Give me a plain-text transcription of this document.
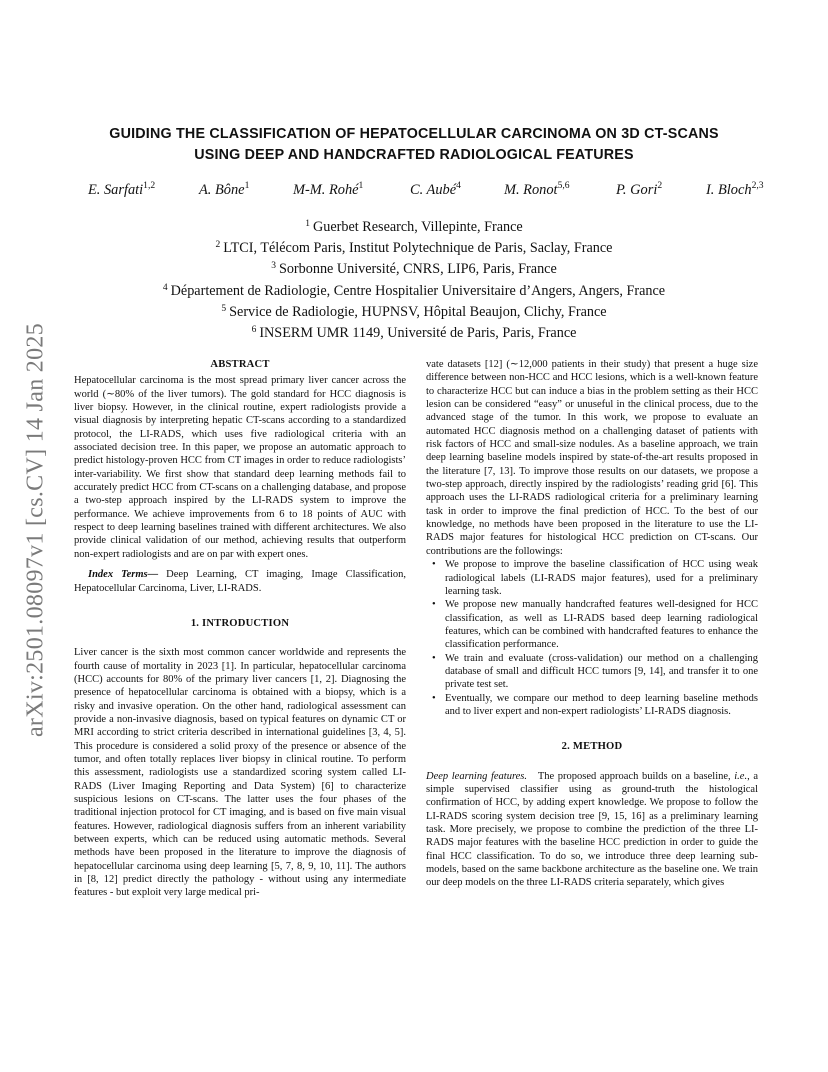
arXiv:2501.08097v1 [cs.CV] 14 Jan 2025
GUIDING THE CLASSIFICATION OF HEPATOCELLULAR CARCINOMA ON 3D CT-SCANS
USING DEEP AND HANDCRAFTED RADIOLOGICAL FEATURES
E. Sarfati$^{1,2}$	A. Bône$^1$	M-M. Rohé$^1$	C. Aubé$^4$	M. Ronot$^{5,6}$	P. Gori$^2$	I. Bloch$^{2,3}$
$^1$ Guerbet Research, Villepinte, France
$^2$ LTCI, Télécom Paris, Institut Polytechnique de Paris, Saclay, France
$^3$ Sorbonne Université, CNRS, LIP6, Paris, France
$^4$ Département de Radiologie, Centre Hospitalier Universitaire d’Angers, Angers, France
$^5$ Service de Radiologie, HUPNSV, Hôpital Beaujon, Clichy, France
$^6$ INSERM UMR 1149, Université de Paris, Paris, France
ABSTRACT

Hepatocellular carcinoma is the most spread primary liver cancer across the world (∼80% of the liver tumors). The gold standard for HCC diagnosis is liver biopsy. However, in the clinical routine, expert radiologists provide a visual diagnosis by interpreting hepatic CT-scans according to a standardized protocol, the LI-RADS, which uses five radiological criteria with an associated decision tree. In this paper, we propose an automatic approach to predict histology-proven HCC from CT images in order to reduce radiologists’ inter-variability. We first show that standard deep learning methods fail to accurately predict HCC from CT-scans on a challenging database, and propose a two-step approach inspired by the LI-RADS system to improve the performance. We achieve improvements from 6 to 18 points of AUC with respect to deep learning baselines trained with different architectures. We also provide clinical validation of our method, achieving results that outperform non-expert radiologists and are on par with expert ones.

Index Terms— Deep Learning, CT imaging, Image Classification, Hepatocellular Carcinoma, Liver, LI-RADS.

1. INTRODUCTION

Liver cancer is the sixth most common cancer worldwide and represents the fourth cause of mortality in 2023 [1]. In particular, hepatocellular carcinoma (HCC) accounts for 80% of the primary liver cancers [1, 2]. Diagnosing the presence of hepatocellular carcinoma is obtained with a biopsy, which is a risky and invasive operation. On the other hand, radiological assessment can provide a non-invasive diagnosis, based on typical features on dynamic CT or MRI according to strict criteria described in international guidelines [3, 4, 5]. This procedure is considered a solid proxy of the presence or absence of the tumor, and often totally replaces liver biopsy in clinical routine. To perform this assessment, radiologists use a standardized scoring system called LI-RADS (Liver Imaging Reporting and Data System) [6] to characterize suspicious lesions on CT-scans. The latter uses the four phases of the traditional injection protocol for CT imaging, and is based on five main visual features. However, radiological diagnosis suffers from an inherent variability between experts, which can be reduced using automatic methods. Several methods have been proposed in the literature to improve the diagnosis of hepatocellular carcinoma using deep learning [5, 7, 8, 9, 10, 11]. The authors in [8, 12] predict directly the pathology - without using any intermediate features - but exploit very large medical pri-

vate datasets [12] (∼12,000 patients in their study) that present a huge size difference between non-HCC and HCC lesions, which is a well-known feature to characterize HCC but can induce a bias in the problem setting as their HCC lesion can be considered “easy” or unuseful in the clinical process, due to the advanced stage of the tumor. In this work, we propose to evaluate an automated HCC diagnosis method on a challenging dataset of patients with risk factors of HCC and small-size nodules. As a baseline approach, we train deep learning baseline models inspired by state-of-the-art results proposed in the literature [7, 13]. To improve those results on our datasets, we propose a two-step approach, directly inspired by the radiologists’ reading grid [6]. This approach uses the LI-RADS radiological criteria for a preliminary learning task in order to improve the final prediction of HCC. To the best of our knowledge, no methods have been proposed in the literature to use the LI-RADS major features for histological HCC prediction on CT-scans. Our contributions are the followings:

• We propose to improve the baseline classification of HCC using weak radiological labels (LI-RADS major features), used for a preliminary learning task.
• We propose new manually handcrafted features well-designed for HCC classification, as well as LI-RADS based deep learning radiological features, which can be combined with handcrafted features to enhance the classification performance.
• We train and evaluate (cross-validation) our method on a challenging database of small and difficult HCC tumors [9, 14], and transfer it to one private test set.
• Eventually, we compare our method to deep learning baseline methods and to liver expert and non-expert radiologists’ LI-RADS diagnosis.
2. METHOD

Deep learning features. The proposed approach builds on a baseline, i.e., a simple supervised classifier using as ground-truth the histological confirmation of HCC, by adding expert knowledge. We propose to follow the LI-RADS scoring system decision tree [9, 15, 16] as a preliminary learning task. More precisely, we propose to combine the prediction of the three LI-RADS major features with the baseline HCC prediction in order to guide the final HCC classification. To do so, we introduce three deep learning sub-models, based on the same backbone architecture as the baseline one. We train our deep models on the three LI-RADS criteria separately, which gives
